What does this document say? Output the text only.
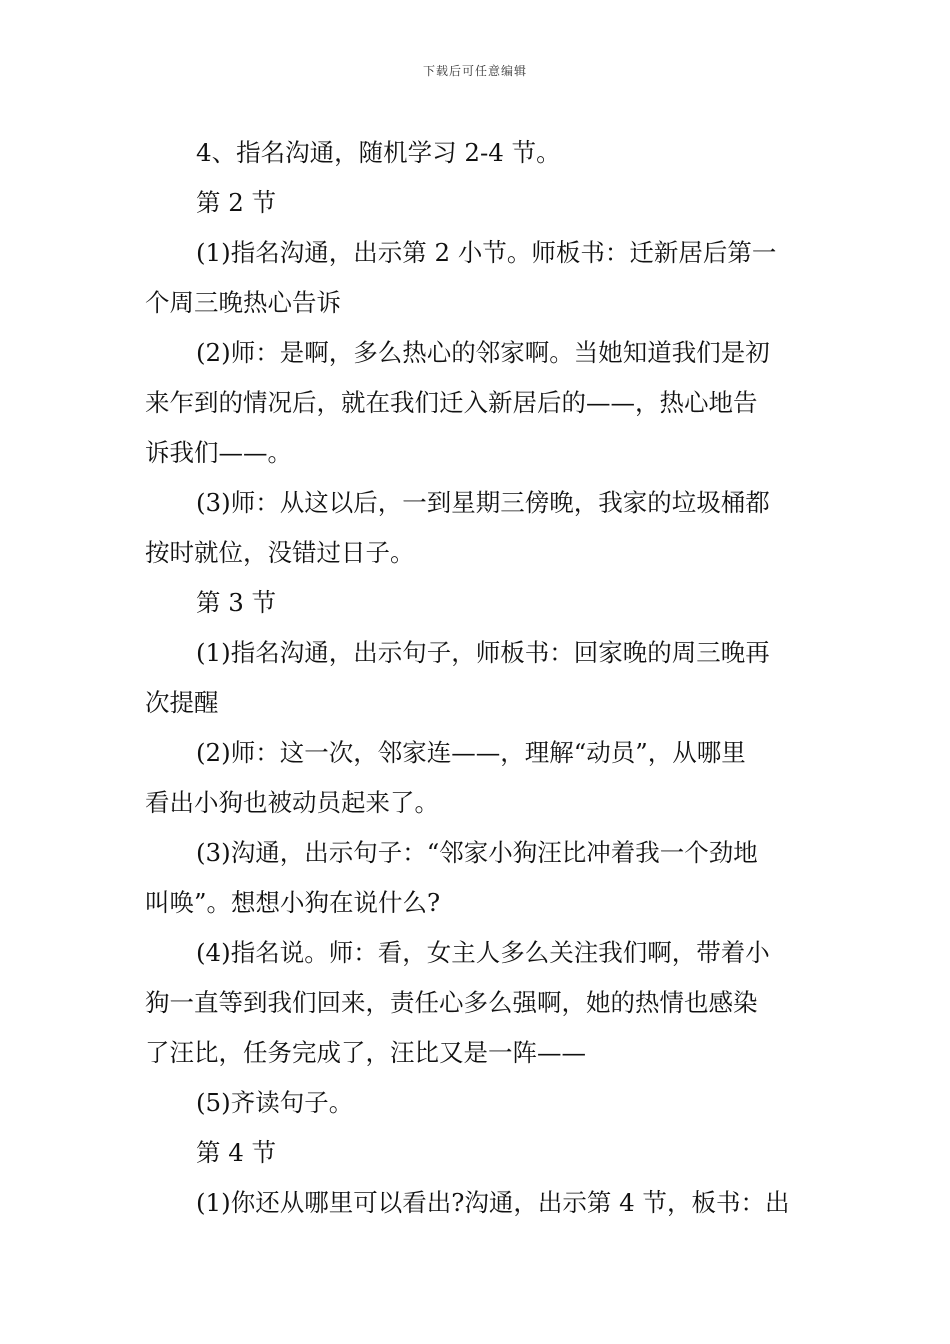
下载后可任意编辑
4、指名沟通，随机学习 2-4 节。
第 2 节
(1)指名沟通，出示第 2 小节。师板书：迁新居后第一
个周三晚热心告诉
(2)师：是啊，多么热心的邻家啊。当她知道我们是初
来乍到的情况后，就在我们迁入新居后的——，热心地告
诉我们——。
(3)师：从这以后，一到星期三傍晚，我家的垃圾桶都
按时就位，没错过日子。
第 3 节
(1)指名沟通，出示句子，师板书：回家晚的周三晚再
次提醒
(2)师：这一次，邻家连——，理解“动员”，从哪里
看出小狗也被动员起来了。
(3)沟通，出示句子：“邻家小狗汪比冲着我一个劲地
叫唤”。想想小狗在说什么?
(4)指名说。师：看，女主人多么关注我们啊，带着小
狗一直等到我们回来，责任心多么强啊，她的热情也感染
了汪比，任务完成了，汪比又是一阵——
(5)齐读句子。
第 4 节
(1)你还从哪里可以看出?沟通，出示第 4 节，板书：出
